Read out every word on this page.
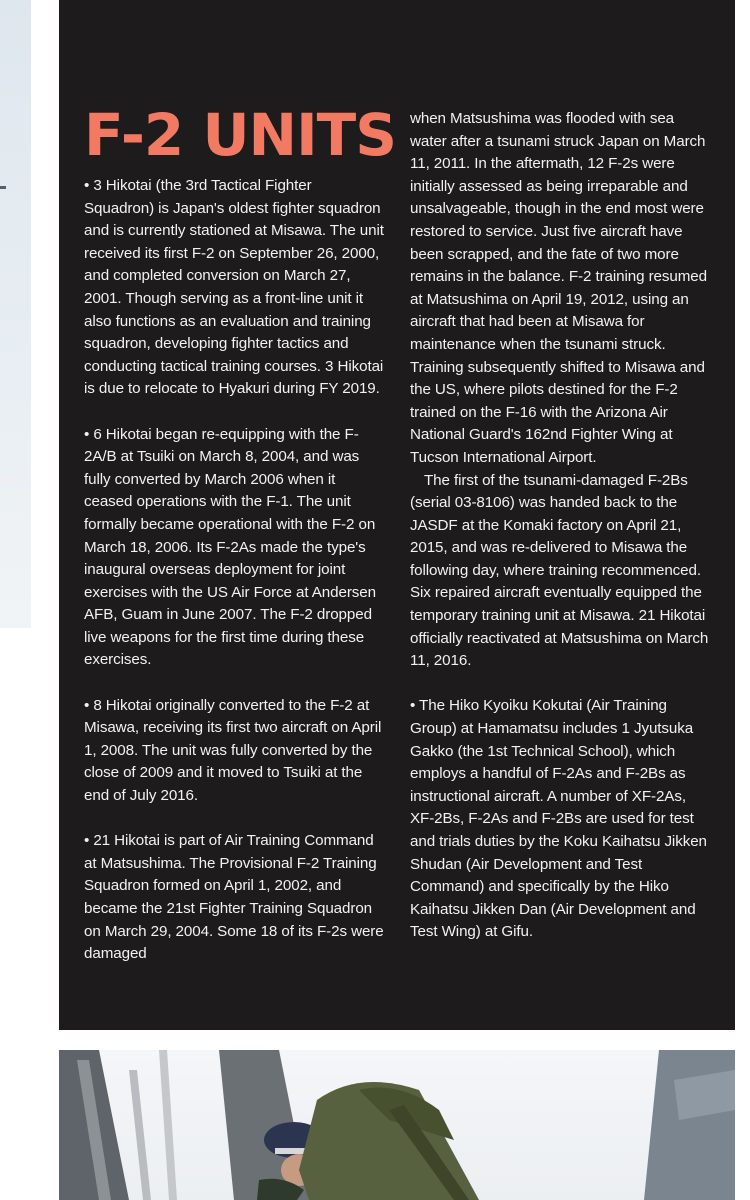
F-2 UNITS

• 3 Hikotai (the 3rd Tactical Fighter Squadron) is Japan's oldest fighter squadron and is currently stationed at Misawa. The unit received its first F-2 on September 26, 2000, and completed conversion on March 27, 2001. Though serving as a front-line unit it also functions as an evaluation and training squadron, developing fighter tactics and conducting tactical training courses. 3 Hikotai is due to relocate to Hyakuri during FY 2019.

• 6 Hikotai began re-equipping with the F-2A/B at Tsuiki on March 8, 2004, and was fully converted by March 2006 when it ceased operations with the F-1. The unit formally became operational with the F-2 on March 18, 2006. Its F-2As made the type's inaugural overseas deployment for joint exercises with the US Air Force at Andersen AFB, Guam in June 2007. The F-2 dropped live weapons for the first time during these exercises.

• 8 Hikotai originally converted to the F-2 at Misawa, receiving its first two aircraft on April 1, 2008. The unit was fully converted by the close of 2009 and it moved to Tsuiki at the end of July 2016.

• 21 Hikotai is part of Air Training Command at Matsushima. The Provisional F-2 Training Squadron formed on April 1, 2002, and became the 21st Fighter Training Squadron on March 29, 2004. Some 18 of its F-2s were damaged

when Matsushima was flooded with sea water after a tsunami struck Japan on March 11, 2011. In the aftermath, 12 F-2s were initially assessed as being irreparable and unsalvageable, though in the end most were restored to service. Just five aircraft have been scrapped, and the fate of two more remains in the balance. F-2 training resumed at Matsushima on April 19, 2012, using an aircraft that had been at Misawa for maintenance when the tsunami struck. Training subsequently shifted to Misawa and the US, where pilots destined for the F-2 trained on the F-16 with the Arizona Air National Guard's 162nd Fighter Wing at Tucson International Airport.

The first of the tsunami-damaged F-2Bs (serial 03-8106) was handed back to the JASDF at the Komaki factory on April 21, 2015, and was re-delivered to Misawa the following day, where training recommenced. Six repaired aircraft eventually equipped the temporary training unit at Misawa. 21 Hikotai officially reactivated at Matsushima on March 11, 2016.

• The Hiko Kyoiku Kokutai (Air Training Group) at Hamamatsu includes 1 Jyutsuka Gakko (the 1st Technical School), which employs a handful of F-2As and F-2Bs as instructional aircraft. A number of XF-2As, XF-2Bs, F-2As and F-2Bs are used for test and trials duties by the Koku Kaihatsu Jikken Shudan (Air Development and Test Command) and specifically by the Hiko Kaihatsu Jikken Dan (Air Development and Test Wing) at Gifu.
